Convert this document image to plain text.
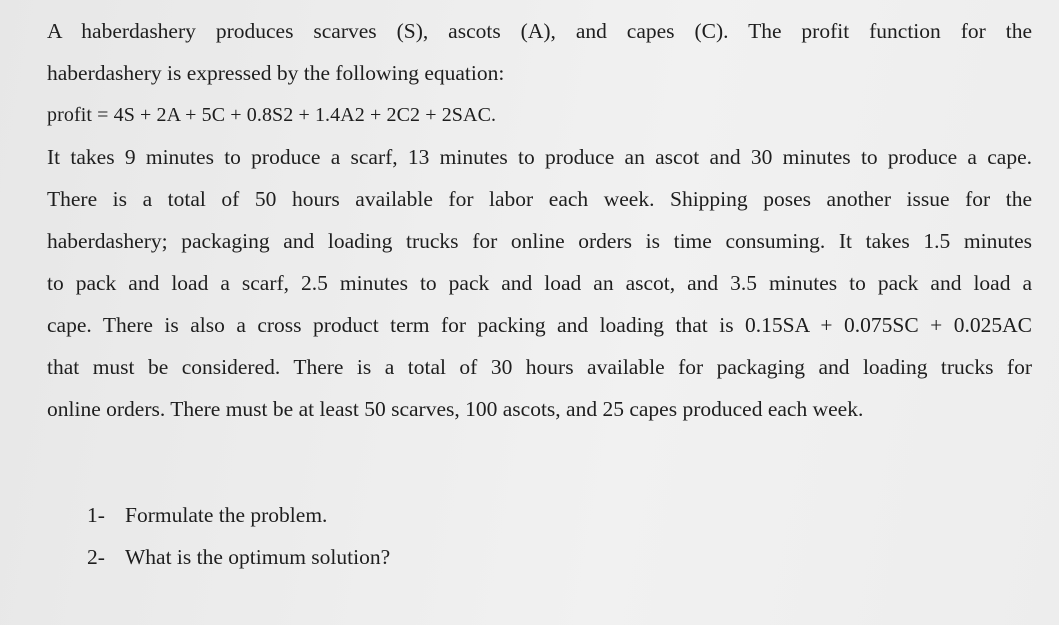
A haberdashery produces scarves (S), ascots (A), and capes (C). The profit function for the

haberdashery is expressed by the following equation:

profit = 4S + 2A + 5C + 0.8S2 + 1.4A2 + 2C2 + 2SAC.

It takes 9 minutes to produce a scarf, 13 minutes to produce an ascot and 30 minutes to produce a cape.

There is a total of 50 hours available for labor each week. Shipping poses another issue for the

haberdashery; packaging and loading trucks for online orders is time consuming. It takes 1.5 minutes

to pack and load a scarf, 2.5 minutes to pack and load an ascot, and 3.5 minutes to pack and load a

cape. There is also a cross product term for packing and loading that is 0.15SA + 0.075SC + 0.025AC

that must be considered. There is a total of 30 hours available for packaging and loading trucks for

online orders. There must be at least 50 scarves, 100 ascots, and 25 capes produced each week.

1- Formulate the problem.
2- What is the optimum solution?
